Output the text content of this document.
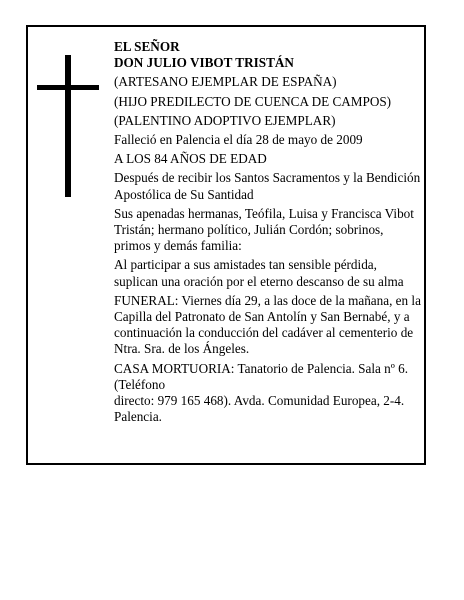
EL SEÑOR

DON JULIO VIBOT TRISTÁN

(ARTESANO EJEMPLAR DE ESPAÑA)

(HIJO PREDILECTO DE CUENCA DE CAMPOS)

(PALENTINO ADOPTIVO EJEMPLAR)

Falleció en Palencia el día 28 de mayo de 2009

A LOS 84 AÑOS DE EDAD

Después de recibir los Santos Sacramentos y la Bendición Apostólica de Su Santidad

Sus apenadas hermanas, Teófila, Luisa y Francisca Vibot Tristán; hermano político, Julián Cordón; sobrinos, primos y demás familia:

Al participar a sus amistades tan sensible pérdida, suplican una oración por el eterno descanso de su alma

FUNERAL: Viernes día 29, a las doce de la mañana, en la Capilla del Patronato de San Antolín y San Bernabé, y a continuación la conducción del cadáver al cementerio de Ntra. Sra. de los Ángeles.

CASA MORTUORIA: Tanatorio de Palencia. Sala nº 6. (Teléfono

directo: 979 165 468). Avda. Comunidad Europea, 2-4. Palencia.
